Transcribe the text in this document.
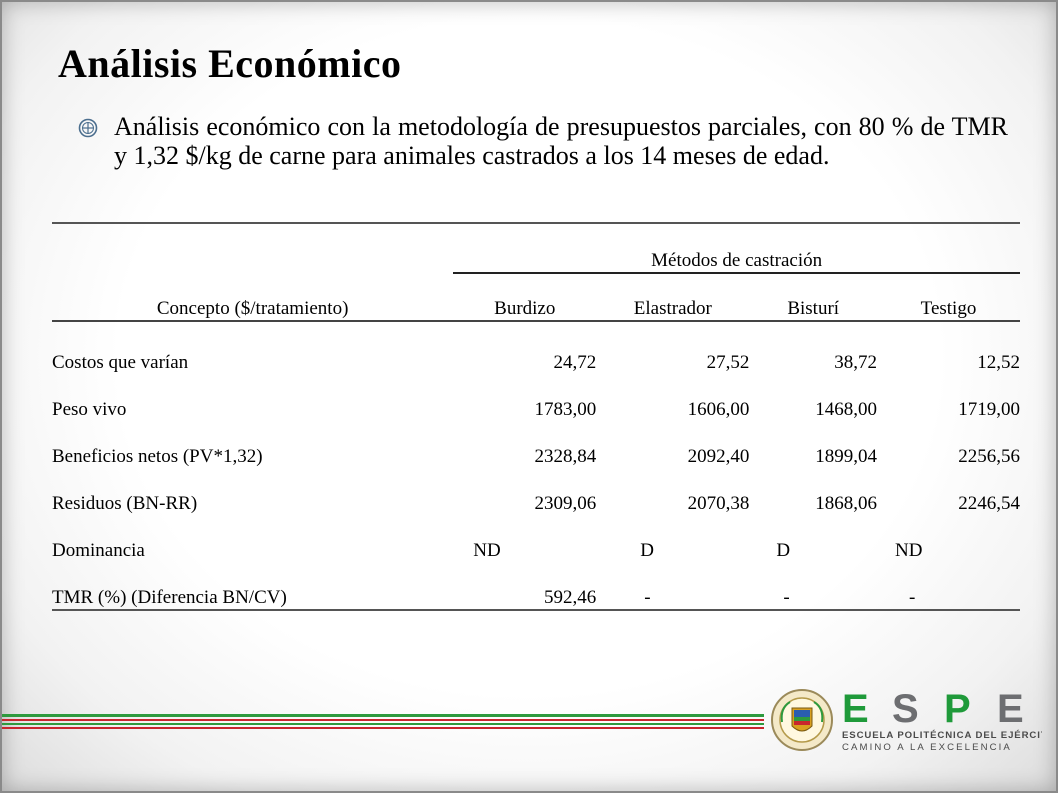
Análisis Económico
Análisis económico con la metodología de presupuestos parciales, con 80 % de TMR y 1,32 $/kg de carne para animales castrados a los 14 meses de edad.
	Métodos de castración			
Concepto ($/tratamiento)	Burdizo	Elastrador	Bisturí	Testigo
Costos que varían	24,72	27,52	38,72	12,52
Peso vivo	1783,00	1606,00	1468,00	1719,00
Beneficios netos (PV*1,32)	2328,84	2092,40	1899,04	2256,56
Residuos (BN-RR)	2309,06	2070,38	1868,06	2246,54
Dominancia	ND	D	D	ND
TMR (%) (Diferencia BN/CV)	592,46	-	-	-
E S P E
ESCUELA POLITÉCNICA DEL EJÉRCITO
CAMINO A LA EXCELENCIA
